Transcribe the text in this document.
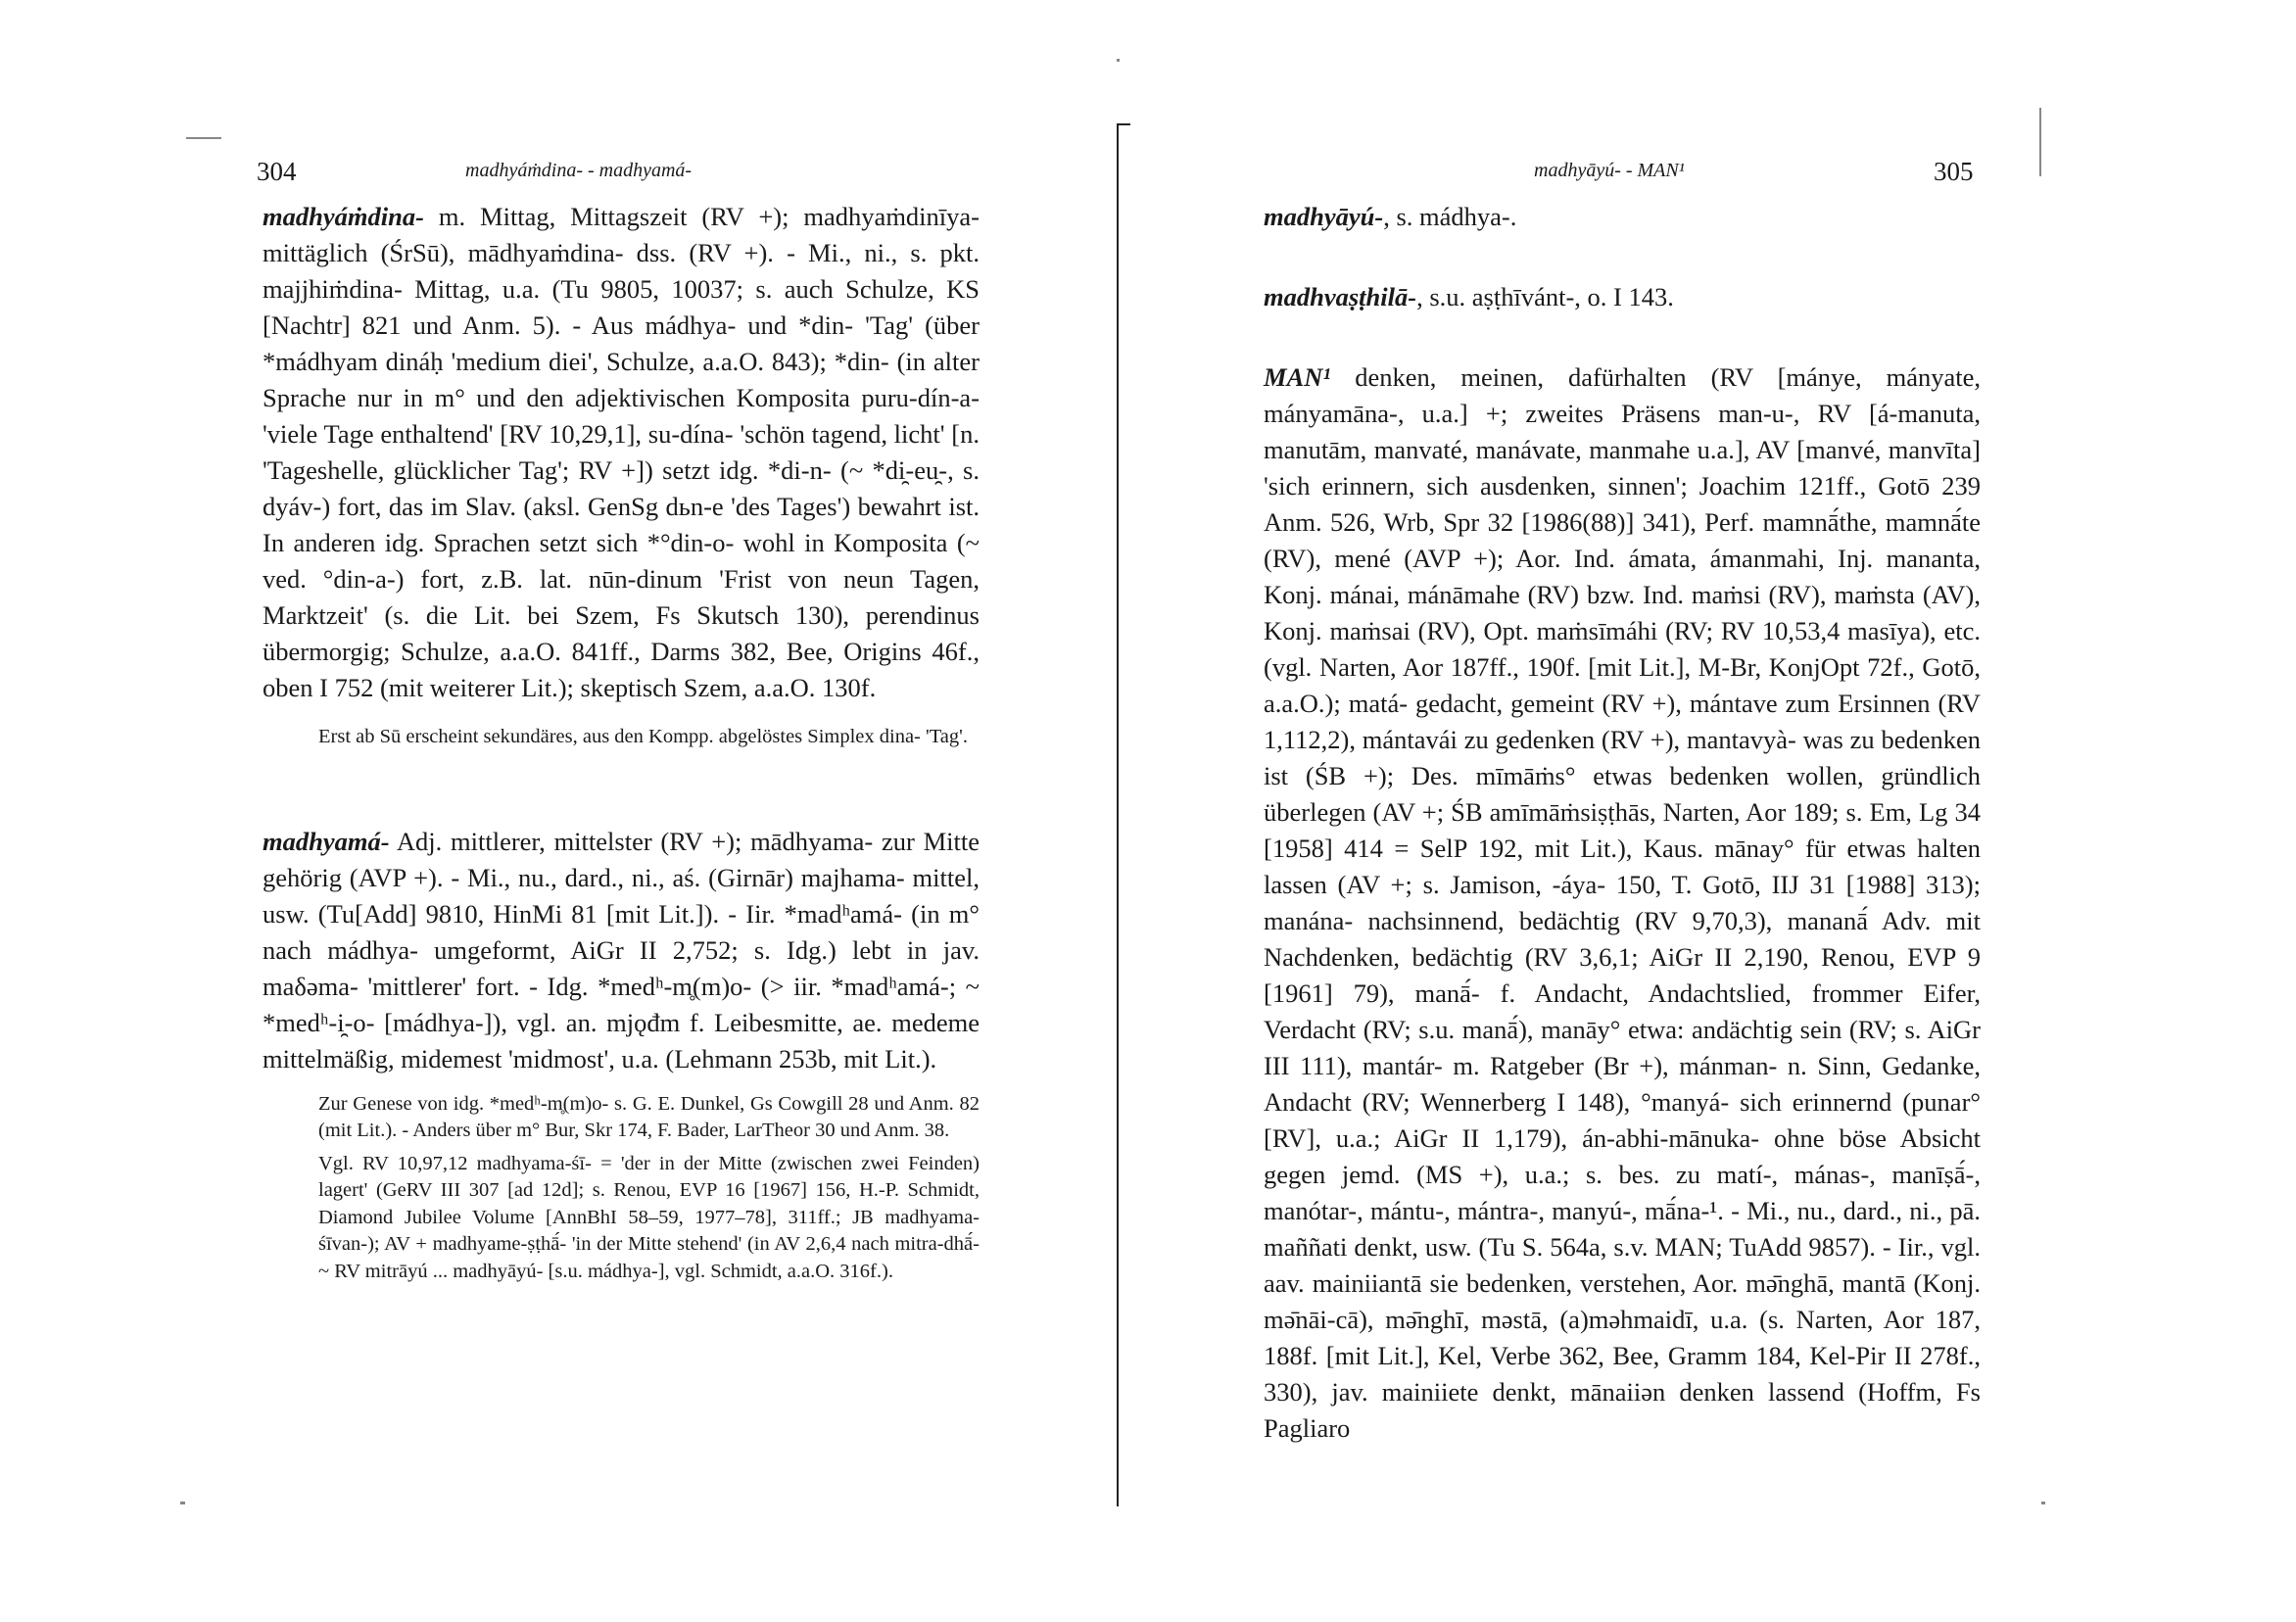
304	madhyáṁdina- - madhyamá-

madhyáṁdina- m. Mittag, Mittagszeit (RV +); madhyaṁdinīya- mittäglich (ŚrSū), mādhyaṁdina- dss. (RV +). - Mi., ni., s. pkt. majjhiṁdina- Mittag, u.a. (Tu 9805, 10037; s. auch Schulze, KS [Nachtr] 821 und Anm. 5). - Aus mádhya- und *din- 'Tag' (über *mádhyam dináḥ 'medium diei', Schulze, a.a.O. 843); *din- (in alter Sprache nur in m° und den adjektivischen Komposita puru-dín-a- 'viele Tage enthaltend' [RV 10,29,1], su-dína- 'schön tagend, licht' [n. 'Tageshelle, glücklicher Tag'; RV +]) setzt idg. *di-n- (~ *di̯-eu̯-, s. dyáv-) fort, das im Slav. (aksl. GenSg dьn-e 'des Tages') bewahrt ist. In anderen idg. Sprachen setzt sich *°din-o- wohl in Komposita (~ ved. °din-a-) fort, z.B. lat. nūn-dinum 'Frist von neun Tagen, Marktzeit' (s. die Lit. bei Szem, Fs Skutsch 130), perendinus übermorgig; Schulze, a.a.O. 841ff., Darms 382, Bee, Origins 46f., oben I 752 (mit weiterer Lit.); skeptisch Szem, a.a.O. 130f.

Erst ab Sū erscheint sekundäres, aus den Kompp. abgelöstes Simplex dina- 'Tag'.

madhyamá- Adj. mittlerer, mittelster (RV +); mādhyama- zur Mitte gehörig (AVP +). - Mi., nu., dard., ni., aś. (Girnār) majhama- mittel, usw. (Tu[Add] 9810, HinMi 81 [mit Lit.]). - Iir. *madʰamá- (in m° nach mádhya- umgeformt, AiGr II 2,752; s. Idg.) lebt in jav. maδəma- 'mittlerer' fort. - Idg. *medʰ-m̥(m)o- (> iir. *madʰamá-; ~ *medʰ-i̯-o- [mádhya-]), vgl. an. mjǫđm f. Leibesmitte, ae. medeme mittelmäßig, midemest 'midmost', u.a. (Lehmann 253b, mit Lit.).

Zur Genese von idg. *medʰ-m̥(m)o- s. G. E. Dunkel, Gs Cowgill 28 und Anm. 82 (mit Lit.). - Anders über m° Bur, Skr 174, F. Bader, LarTheor 30 und Anm. 38.

Vgl. RV 10,97,12 madhyama-śī- = 'der in der Mitte (zwischen zwei Feinden) lagert' (GeRV III 307 [ad 12d]; s. Renou, EVP 16 [1967] 156, H.-P. Schmidt, Diamond Jubilee Volume [AnnBhI 58–59, 1977–78], 311ff.; JB madhyama-śīvan-); AV + madhyame-ṣṭhā́- 'in der Mitte stehend' (in AV 2,6,4 nach mitra-dhā́- ~ RV mitrāyú ... madhyāyú- [s.u. mádhya-], vgl. Schmidt, a.a.O. 316f.).

madhyāyú- - MAN¹	305

madhyāyú-, s. mádhya-.

madhvaṣṭhilā-, s.u. aṣṭhīvánt-, o. I 143.

MAN¹ denken, meinen, dafürhalten (RV [mánye, mányate, mányamāna-, u.a.] +; zweites Präsens man-u-, RV [á-manuta, manutām, manvaté, manávate, manmahe u.a.], AV [manvé, manvīta] 'sich erinnern, sich ausdenken, sinnen'; Joachim 121ff., Gotō 239 Anm. 526, Wrb, Spr 32 [1986(88)] 341), Perf. mamnā́the, mamnā́te (RV), mené (AVP +); Aor. Ind. ámata, ámanmahi, Inj. mananta, Konj. mánai, mánāmahe (RV) bzw. Ind. maṁsi (RV), maṁsta (AV), Konj. maṁsai (RV), Opt. maṁsīmáhi (RV; RV 10,53,4 masīya), etc. (vgl. Narten, Aor 187ff., 190f. [mit Lit.], M-Br, KonjOpt 72f., Gotō, a.a.O.); matá- gedacht, gemeint (RV +), mántave zum Ersinnen (RV 1,112,2), mántavái zu gedenken (RV +), mantavyà- was zu bedenken ist (ŚB +); Des. mīmāṁs° etwas bedenken wollen, gründlich überlegen (AV +; ŚB amīmāṁsiṣṭhās, Narten, Aor 189; s. Em, Lg 34 [1958] 414 = SelP 192, mit Lit.), Kaus. mānay° für etwas halten lassen (AV +; s. Jamison, -áya- 150, T. Gotō, IIJ 31 [1988] 313); manána- nachsinnend, bedächtig (RV 9,70,3), mananā́ Adv. mit Nachdenken, bedächtig (RV 3,6,1; AiGr II 2,190, Renou, EVP 9 [1961] 79), manā́- f. Andacht, Andachtslied, frommer Eifer, Verdacht (RV; s.u. manā́), manāy° etwa: andächtig sein (RV; s. AiGr III 111), mantár- m. Ratgeber (Br +), mánman- n. Sinn, Gedanke, Andacht (RV; Wennerberg I 148), °manyá- sich erinnernd (punar° [RV], u.a.; AiGr II 1,179), án-abhi-mānuka- ohne böse Absicht gegen jemd. (MS +), u.a.; s. bes. zu matí-, mánas-, manīṣā́-, manótar-, mántu-, mántra-, manyú-, mā́na-¹. - Mi., nu., dard., ni., pā. maññati denkt, usw. (Tu S. 564a, s.v. MAN; TuAdd 9857). - Iir., vgl. aav. mainiiantā sie bedenken, verstehen, Aor. mə̄nghā, mantā (Konj. mə̄nāi-cā), mə̄nghī, məstā, (a)məhmaidī, u.a. (s. Narten, Aor 187, 188f. [mit Lit.], Kel, Verbe 362, Bee, Gramm 184, Kel-Pir II 278f., 330), jav. mainiiete denkt, mānaiiən denken lassend (Hoffm, Fs Pagliaro
